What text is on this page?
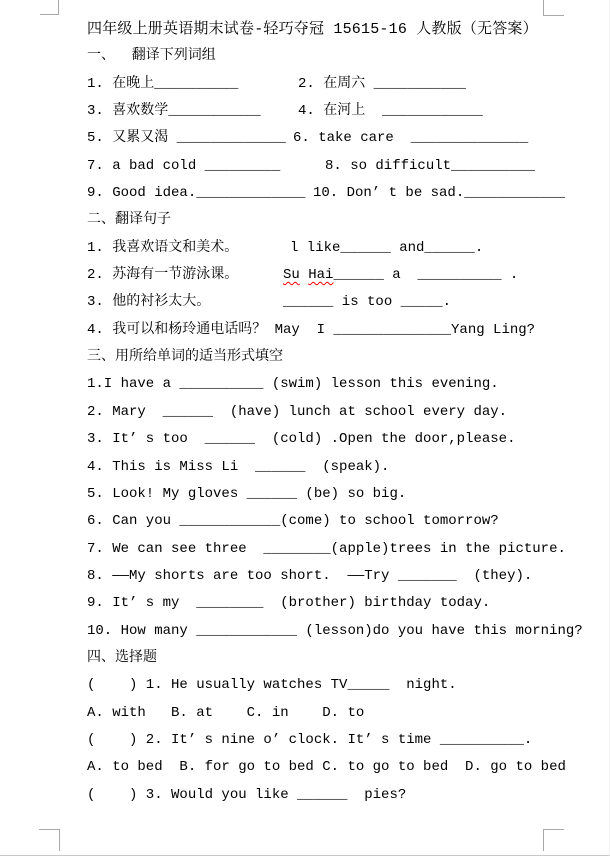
四年级上册英语期末试卷-轻巧夺冠 15615-16 人教版（无答案）
一、  翻译下列词组
1. 在晚上__________	2. 在周六 ___________
3. 喜欢数学___________	4. 在河上  ____________
5. 又累又渴 _____________ 6. take care  ______________
7. a bad cold _________	8. so difficult__________
9. Good idea._____________ 10. Don’ t be sad.____________
二、翻译句子
1. 我喜欢语文和美术。	l like______ and______.
2. 苏海有一节游泳课。	Su Hai______ a  __________ .
3. 他的衬衫太大。	______ is too _____.
4. 我可以和杨玲通电话吗？ May  I ______________Yang Ling?
三、用所给单词的适当形式填空
1.I have a __________ (swim) lesson this evening.
2. Mary  ______  (have) lunch at school every day.
3. It’ s too  ______  (cold) .Open the door,please.
4. This is Miss Li  ______  (speak).
5. Look! My gloves ______ (be) so big.
6. Can you ____________(come) to school tomorrow?
7. We can see three  ________(apple)trees in the picture.
8. ——My shorts are too short.  ——Try _______  (they).
9. It’ s my  ________  (brother) birthday today.
10. How many ____________ (lesson)do you have this morning?
四、选择题
(    ) 1. He usually watches TV_____  night.
A. with   B. at    C. in    D. to
(    ) 2. It’ s nine o’ clock. It’ s time __________.
A. to bed  B. for go to bed C. to go to bed  D. go to bed
(    ) 3. Would you like ______  pies?
